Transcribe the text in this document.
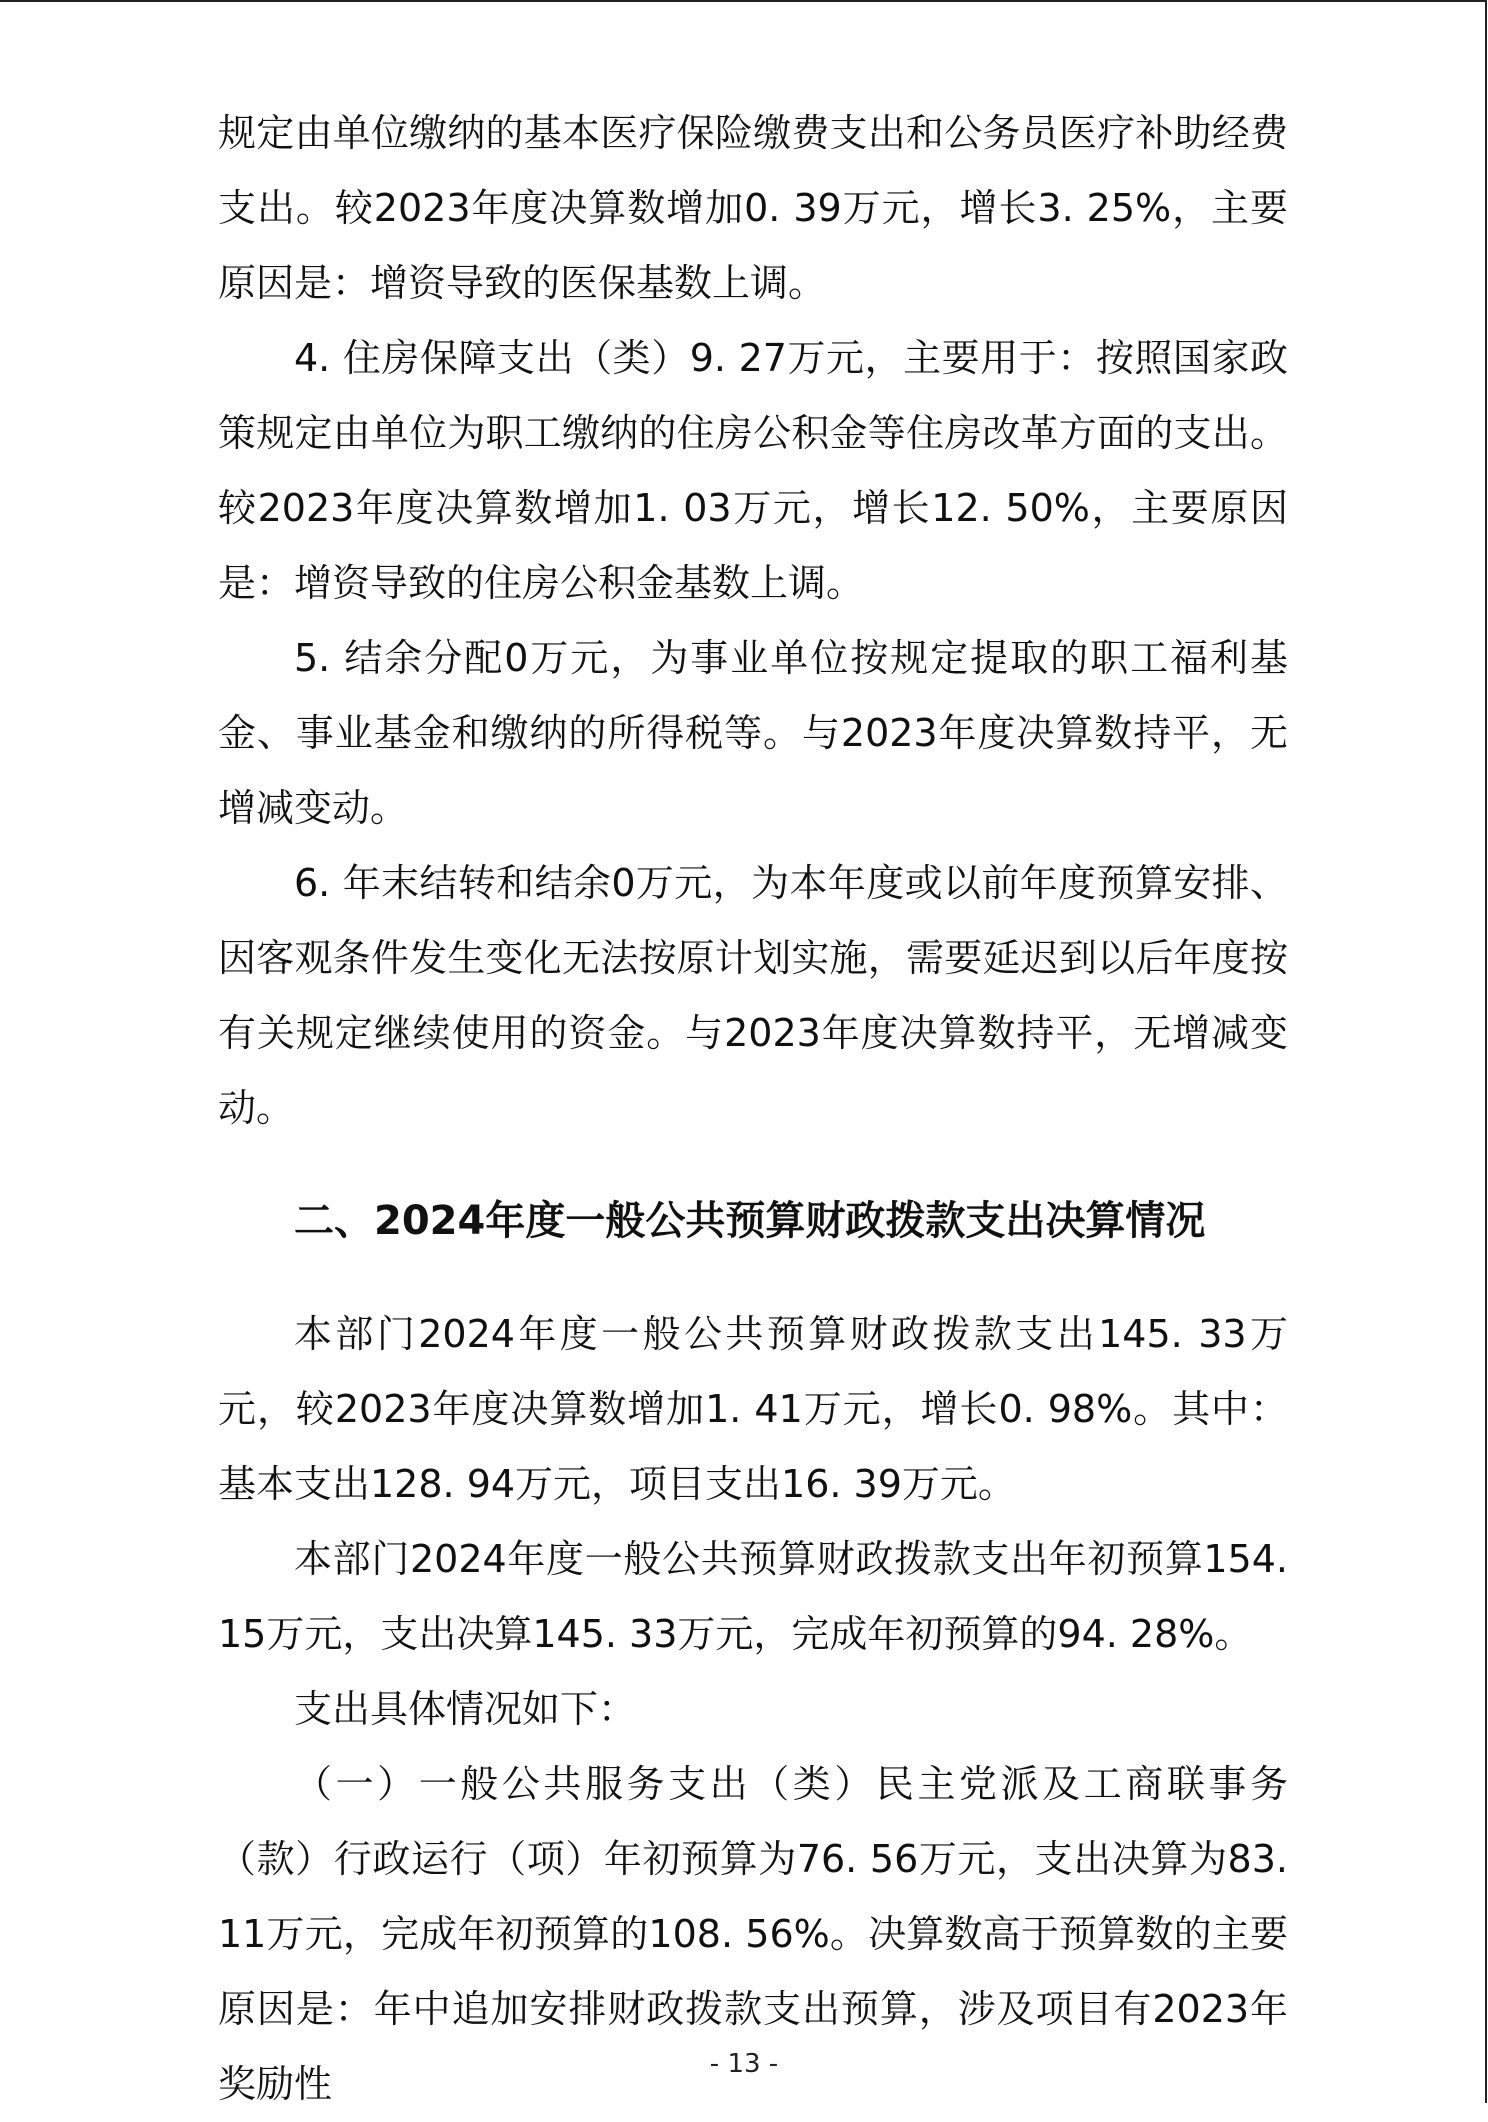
规定由单位缴纳的基本医疗保险缴费支出和公务员医疗补助经费支出。较2023年度决算数增加0. 39万元，增长3. 25%，主要原因是：增资导致的医保基数上调。

4. 住房保障支出（类）9. 27万元，主要用于：按照国家政策规定由单位为职工缴纳的住房公积金等住房改革方面的支出。较2023年度决算数增加1. 03万元，增长12. 50%，主要原因是：增资导致的住房公积金基数上调。

5. 结余分配0万元，为事业单位按规定提取的职工福利基金、事业基金和缴纳的所得税等。与2023年度决算数持平，无增减变动。

6. 年末结转和结余0万元，为本年度或以前年度预算安排、因客观条件发生变化无法按原计划实施，需要延迟到以后年度按有关规定继续使用的资金。与2023年度决算数持平，无增减变动。

二、2024年度一般公共预算财政拨款支出决算情况

本部门2024年度一般公共预算财政拨款支出145. 33万元，较2023年度决算数增加1. 41万元，增长0. 98%。其中：基本支出128. 94万元，项目支出16. 39万元。

本部门2024年度一般公共预算财政拨款支出年初预算154. 15万元，支出决算145. 33万元，完成年初预算的94. 28%。

支出具体情况如下：

（一）一般公共服务支出（类）民主党派及工商联事务（款）行政运行（项）年初预算为76. 56万元，支出决算为83. 11万元，完成年初预算的108. 56%。决算数高于预算数的主要原因是：年中追加安排财政拨款支出预算，涉及项目有2023年奖励性	- 13 -
